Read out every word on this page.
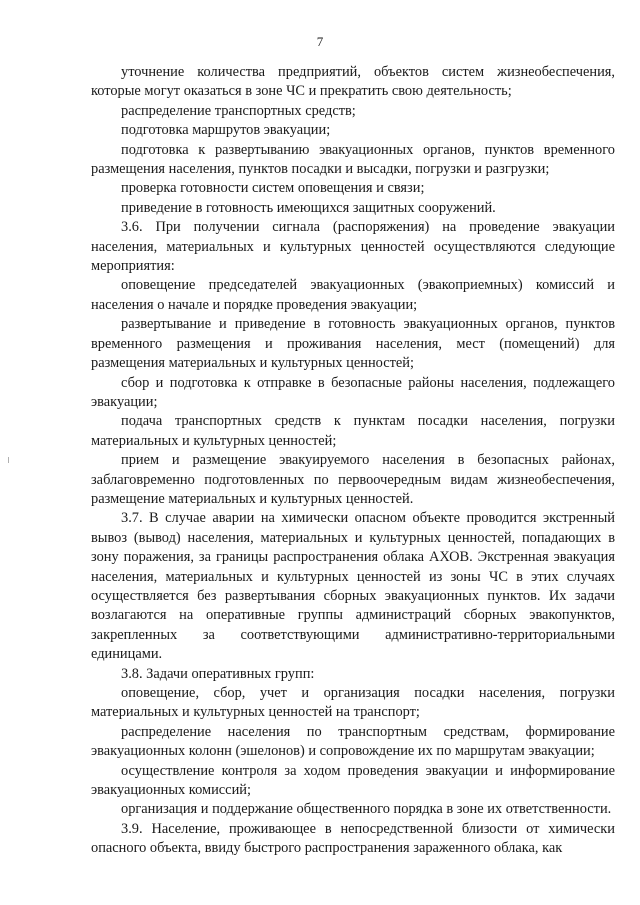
7

уточнение количества предприятий, объектов систем жизнеобеспечения, которые могут оказаться в зоне ЧС и прекратить свою деятельность;

распределение транспортных средств;

подготовка маршрутов эвакуации;

подготовка к развертыванию эвакуационных органов, пунктов временного размещения населения, пунктов посадки и высадки, погрузки и разгрузки;

проверка готовности систем оповещения и связи;

приведение в готовность имеющихся защитных сооружений.

3.6. При получении сигнала (распоряжения) на проведение эвакуации населения, материальных и культурных ценностей осуществляются следующие мероприятия:

оповещение председателей эвакуационных (эвакоприемных) комиссий и населения о начале и порядке проведения эвакуации;

развертывание и приведение в готовность эвакуационных органов, пунктов временного размещения и проживания населения, мест (помещений) для размещения материальных и культурных ценностей;

сбор и подготовка к отправке в безопасные районы населения, подлежащего эвакуации;

подача транспортных средств к пунктам посадки населения, погрузки материальных и культурных ценностей;

прием и размещение эвакуируемого населения в безопасных районах, заблаговременно подготовленных по первоочередным видам жизнеобеспечения, размещение материальных и культурных ценностей.

3.7. В случае аварии на химически опасном объекте проводится экстренный вывоз (вывод) населения, материальных и культурных ценностей, попадающих в зону поражения, за границы распространения облака АХОВ. Экстренная эвакуация населения, материальных и культурных ценностей из зоны ЧС в этих случаях осуществляется без развертывания сборных эвакуационных пунктов. Их задачи возлагаются на оперативные группы администраций сборных эвакопунктов, закрепленных за соответствующими административно-территориальными единицами.

3.8. Задачи оперативных групп:

оповещение, сбор, учет и организация посадки населения, погрузки материальных и культурных ценностей на транспорт;

распределение населения по транспортным средствам, формирование эвакуационных колонн (эшелонов) и сопровождение их по маршрутам эвакуации;

осуществление контроля за ходом проведения эвакуации и информирование эвакуационных комиссий;

организация и поддержание общественного порядка в зоне их ответственности.

3.9. Население, проживающее в непосредственной близости от химически опасного объекта, ввиду быстрого распространения зараженного облака, как
